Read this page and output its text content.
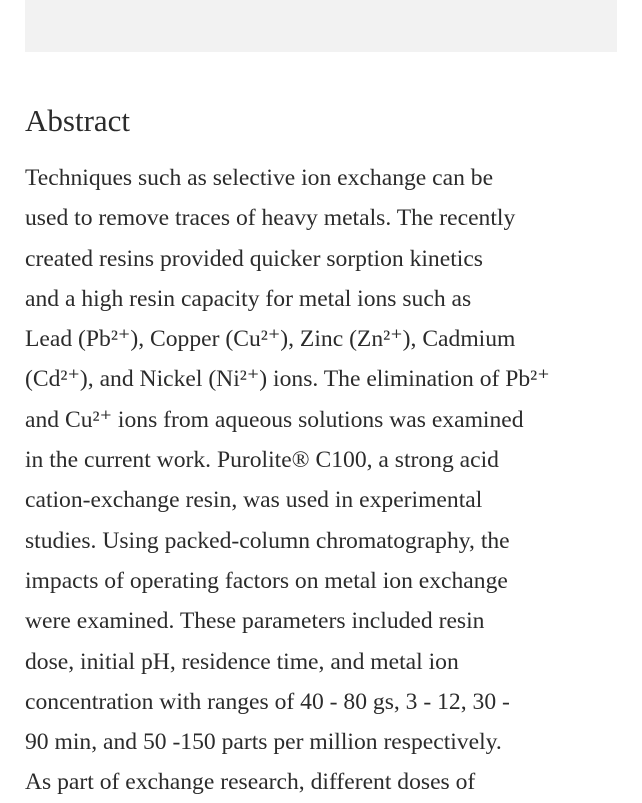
Abstract

Techniques such as selective ion exchange can be
used to remove traces of heavy metals. The recently
created resins provided quicker sorption kinetics
and a high resin capacity for metal ions such as
Lead (Pb²⁺), Copper (Cu²⁺), Zinc (Zn²⁺), Cadmium
(Cd²⁺), and Nickel (Ni²⁺) ions. The elimination of Pb²⁺
and Cu²⁺ ions from aqueous solutions was examined
in the current work. Purolite® C100, a strong acid
cation-exchange resin, was used in experimental
studies. Using packed-column chromatography, the
impacts of operating factors on metal ion exchange
were examined. These parameters included resin
dose, initial pH, residence time, and metal ion
concentration with ranges of 40 - 80 gs, 3 - 12, 30 -
90 min, and 50 -150 parts per million respectively.
As part of exchange research, different doses of
